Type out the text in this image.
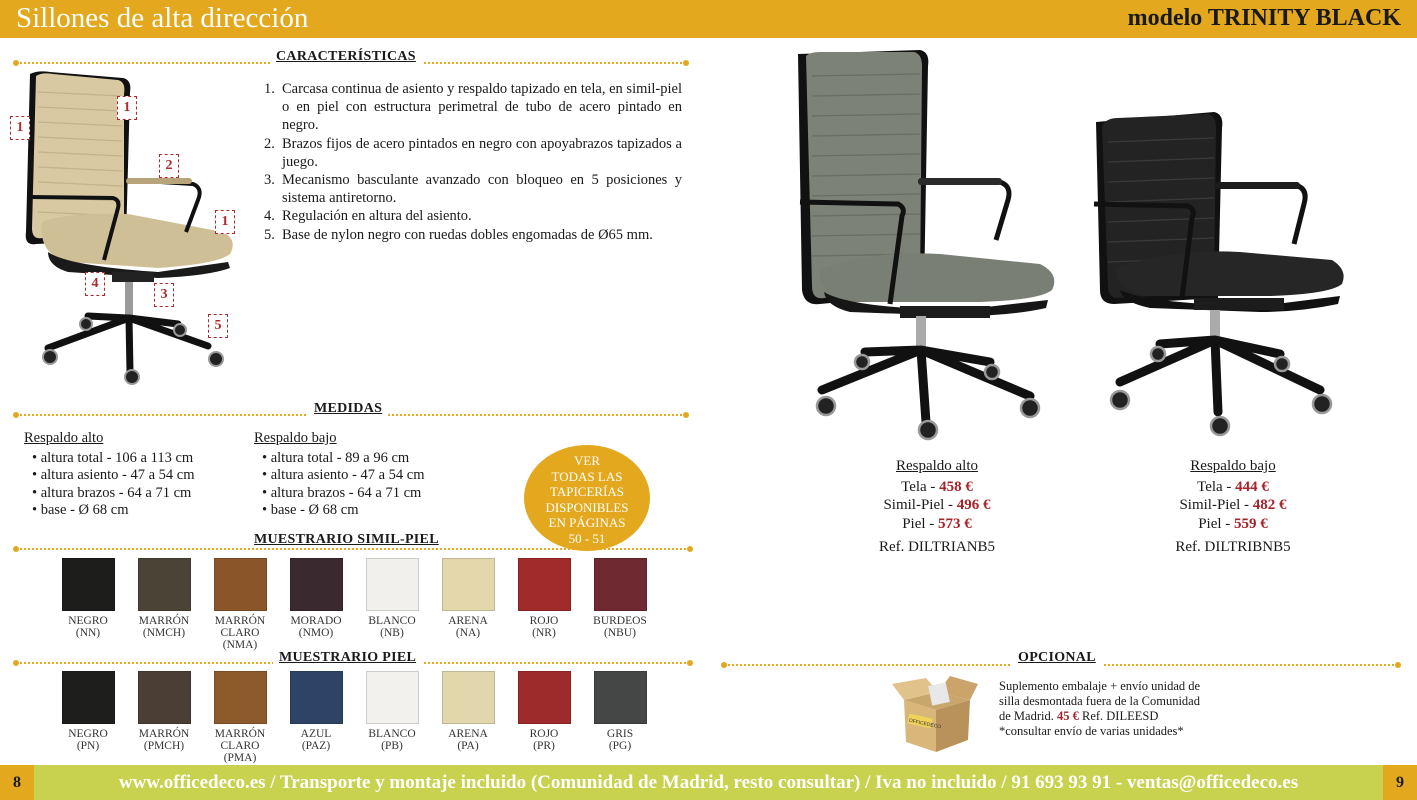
Sillones de alta dirección	modelo TRINITY BLACK
CARACTERÍSTICAS
1
1
2
1
4
3
5
1. Carcasa continua de asiento y respaldo tapizado en tela, en simil-piel o en piel con estructura perimetral de tubo de acero pintado en negro.
2. Brazos fijos de acero pintados en negro con apoyabrazos tapizados a juego.
3. Mecanismo basculante avanzado con bloqueo en 5 posiciones y sistema antiretorno.
4. Regulación en altura del asiento.
5. Base de nylon negro con ruedas dobles engomadas de Ø65 mm.
MEDIDAS
Respaldo alto
• altura total - 106 a 113 cm
• altura asiento - 47 a 54 cm
• altura brazos - 64 a 71 cm
• base - Ø 68 cm
Respaldo bajo
• altura total - 89 a 96 cm
• altura asiento - 47 a 54 cm
• altura brazos - 64 a 71 cm
• base - Ø 68 cm
VER
TODAS LAS
TAPICERÍAS
DISPONIBLES
EN PÁGINAS
50 - 51
MUESTRARIO SIMIL-PIEL
NEGRO
(NN)
MARRÓN
(NMCH)
MARRÓN
CLARO
(NMA)
MORADO
(NMO)
BLANCO
(NB)
ARENA
(NA)
ROJO
(NR)
BURDEOS
(NBU)
MUESTRARIO PIEL
NEGRO
(PN)
MARRÓN
(PMCH)
MARRÓN
CLARO
(PMA)
AZUL
(PAZ)
BLANCO
(PB)
ARENA
(PA)
ROJO
(PR)
GRIS
(PG)
Respaldo alto
Tela - 458 €
Simil-Piel - 496 €
Piel - 573 €
Ref. DILTRIANB5
Respaldo bajo
Tela - 444 €
Simil-Piel - 482 €
Piel - 559 €
Ref. DILTRIBNB5
OPCIONAL
OFFICEDECO
Suplemento embalaje + envío unidad de
silla desmontada fuera de la Comunidad
de Madrid. 45 € Ref. DILEESD
*consultar envío de varias unidades*
8	www.officedeco.es / Transporte y montaje incluido (Comunidad de Madrid, resto consultar) / Iva no incluido / 91 693 93 91 - ventas@officedeco.es	9
